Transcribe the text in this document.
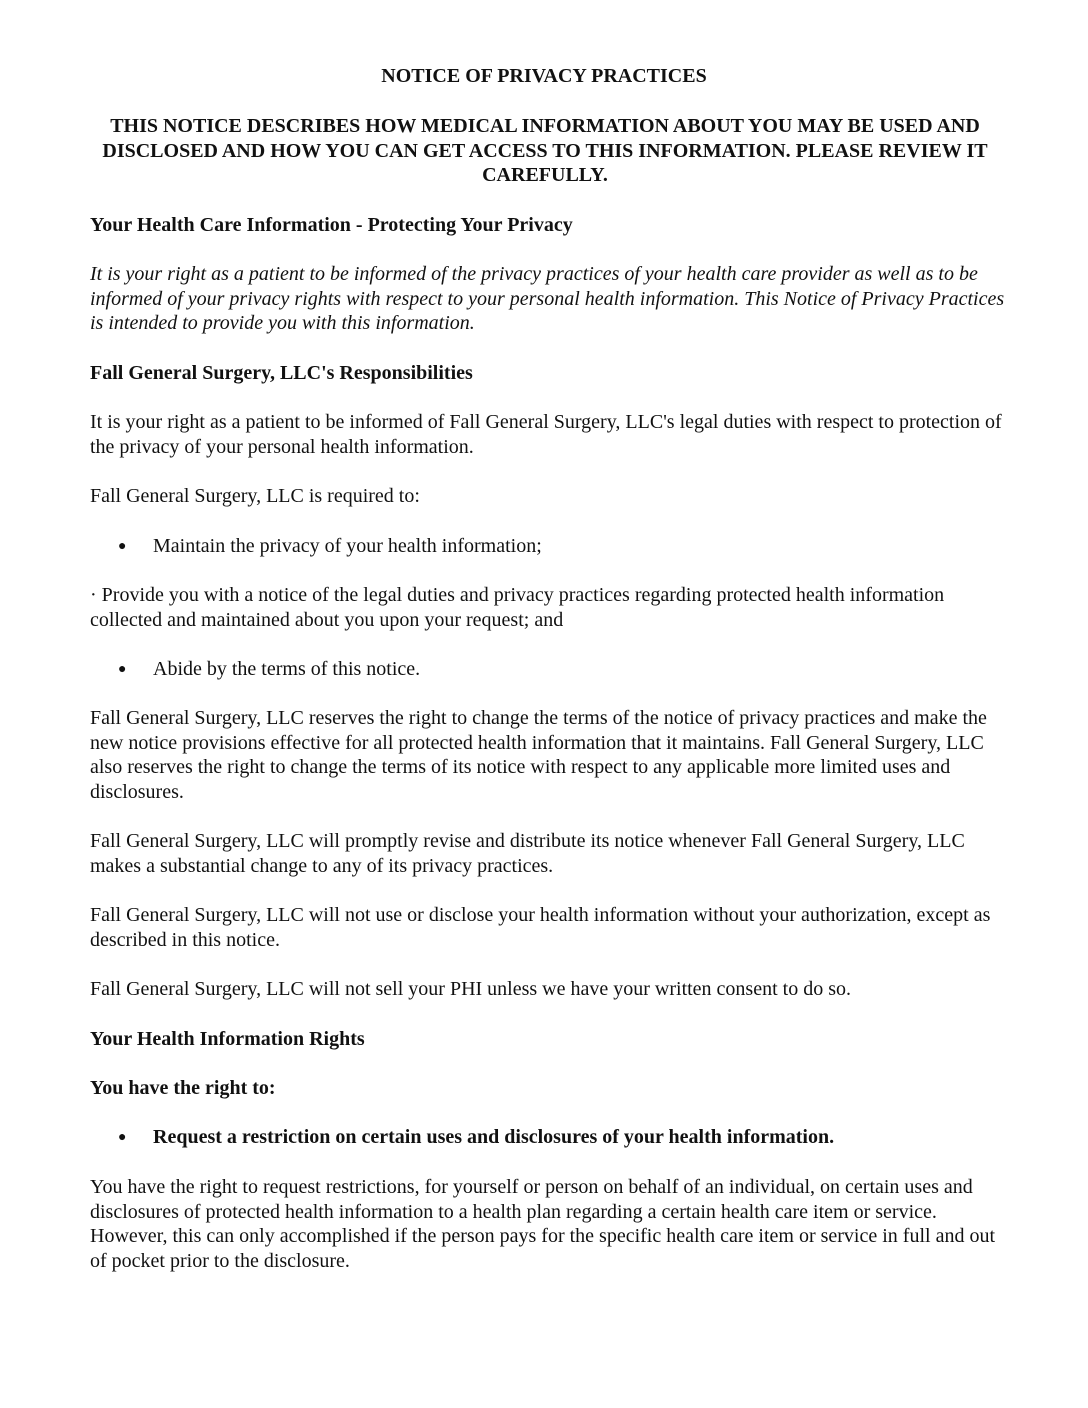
NOTICE OF PRIVACY PRACTICES
THIS NOTICE DESCRIBES HOW MEDICAL INFORMATION ABOUT YOU MAY BE USED AND DISCLOSED AND HOW YOU CAN GET ACCESS TO THIS INFORMATION. PLEASE REVIEW IT CAREFULLY.
Your Health Care Information - Protecting Your Privacy
It is your right as a patient to be informed of the privacy practices of your health care provider as well as to be informed of your privacy rights with respect to your personal health information. This Notice of Privacy Practices is intended to provide you with this information.
Fall General Surgery, LLC's Responsibilities
It is your right as a patient to be informed of Fall General Surgery, LLC's legal duties with respect to protection of the privacy of your personal health information.
Fall General Surgery, LLC is required to:
● Maintain the privacy of your health information;
· Provide you with a notice of the legal duties and privacy practices regarding protected health information collected and maintained about you upon your request; and
● Abide by the terms of this notice.
Fall General Surgery, LLC reserves the right to change the terms of the notice of privacy practices and make the new notice provisions effective for all protected health information that it maintains. Fall General Surgery, LLC also reserves the right to change the terms of its notice with respect to any applicable more limited uses and disclosures.
Fall General Surgery, LLC will promptly revise and distribute its notice whenever Fall General Surgery, LLC makes a substantial change to any of its privacy practices.
Fall General Surgery, LLC will not use or disclose your health information without your authorization, except as described in this notice.
Fall General Surgery, LLC will not sell your PHI unless we have your written consent to do so.
Your Health Information Rights
You have the right to:
● Request a restriction on certain uses and disclosures of your health information.
You have the right to request restrictions, for yourself or person on behalf of an individual, on certain uses and disclosures of protected health information to a health plan regarding a certain health care item or service. However, this can only accomplished if the person pays for the specific health care item or service in full and out of pocket prior to the disclosure.
